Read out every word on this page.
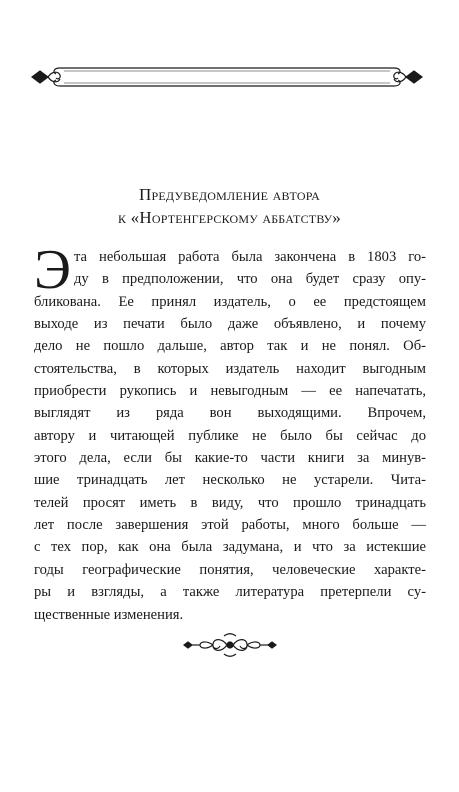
Предуведомление автора
к «Нортенгерскому аббатству»
Э та небольшая работа была закончена в 1803 го-
ду в предположении, что она будет сразу опу-
бликована. Ее принял издатель, о ее предстоящем
выходе из печати было даже объявлено, и почему
дело не пошло дальше, автор так и не понял. Об-
стоятельства, в которых издатель находит выгодным
приобрести рукопись и невыгодным — ее напечатать,
выглядят из ряда вон выходящими. Впрочем,
автору и читающей публике не было бы сейчас до
этого дела, если бы какие-то части книги за минув-
шие тринадцать лет несколько не устарели. Чита-
телей просят иметь в виду, что прошло тринадцать
лет после завершения этой работы, много больше —
с тех пор, как она была задумана, и что за истекшие
годы географические понятия, человеческие характе-
ры и взгляды, а также литература претерпели су-
щественные изменения.
